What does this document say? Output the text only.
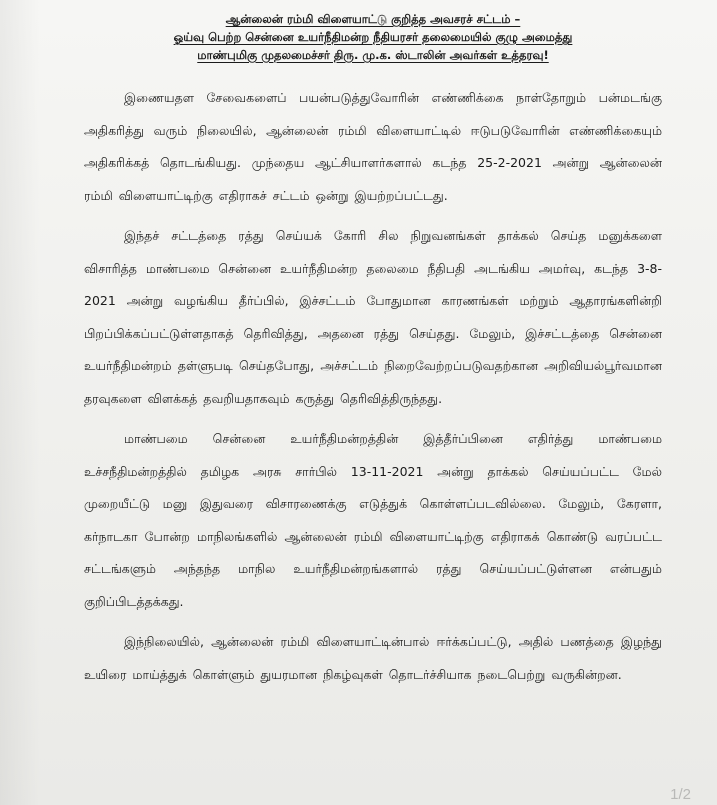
ஆன்லைன் ரம்மி விளையாட்டு குறித்த அவசரச் சட்டம் –
ஓய்வு பெற்ற சென்னை உயர்நீதிமன்ற நீதியரசர் தலைமையில் குழு அமைத்து
மாண்புமிகு முதலமைச்சர் திரு. மு.க. ஸ்டாலின் அவர்கள் உத்தரவு!

இணையதள சேவைகளைப் பயன்படுத்துவோரின் எண்ணிக்கை நாள்தோறும் பன்மடங்கு அதிகரித்து வரும் நிலையில், ஆன்லைன் ரம்மி விளையாட்டில் ஈடுபடுவோரின் எண்ணிக்கையும் அதிகரிக்கத் தொடங்கியது. முந்தைய ஆட்சியாளர்களால் கடந்த 25-2-2021 அன்று ஆன்லைன் ரம்மி விளையாட்டிற்கு எதிராகச் சட்டம் ஒன்று இயற்றப்பட்டது.

இந்தச் சட்டத்தை ரத்து செய்யக் கோரி சில நிறுவனங்கள் தாக்கல் செய்த மனுக்களை விசாரித்த மாண்பமை சென்னை உயர்நீதிமன்ற தலைமை நீதிபதி அடங்கிய அமர்வு, கடந்த 3-8-2021 அன்று வழங்கிய தீர்ப்பில், இச்சட்டம் போதுமான காரணங்கள் மற்றும் ஆதாரங்களின்றி பிறப்பிக்கப்பட்டுள்ளதாகத் தெரிவித்து, அதனை ரத்து செய்தது. மேலும், இச்சட்டத்தை சென்னை உயர்நீதிமன்றம் தள்ளுபடி செய்தபோது, அச்சட்டம் நிறைவேற்றப்படுவதற்கான அறிவியல்பூர்வமான தரவுகளை விளக்கத் தவறியதாகவும் கருத்து தெரிவித்திருந்தது.

மாண்பமை சென்னை உயர்நீதிமன்றத்தின் இத்தீர்ப்பினை எதிர்த்து மாண்பமை உச்சநீதிமன்றத்தில் தமிழக அரசு சார்பில் 13-11-2021 அன்று தாக்கல் செய்யப்பட்ட மேல் முறையீட்டு மனு இதுவரை விசாரணைக்கு எடுத்துக் கொள்ளப்படவில்லை. மேலும், கேரளா, கர்நாடகா போன்ற மாநிலங்களில் ஆன்லைன் ரம்மி விளையாட்டிற்கு எதிராகக் கொண்டு வரப்பட்ட சட்டங்களும் அந்தந்த மாநில உயர்நீதிமன்றங்களால் ரத்து செய்யப்பட்டுள்ளன என்பதும் குறிப்பிடத்தக்கது.

இந்நிலையில், ஆன்லைன் ரம்மி விளையாட்டின்பால் ஈர்க்கப்பட்டு, அதில் பணத்தை இழந்து உயிரை மாய்த்துக் கொள்ளும் துயரமான நிகழ்வுகள் தொடர்ச்சியாக நடைபெற்று வருகின்றன.

1/2
